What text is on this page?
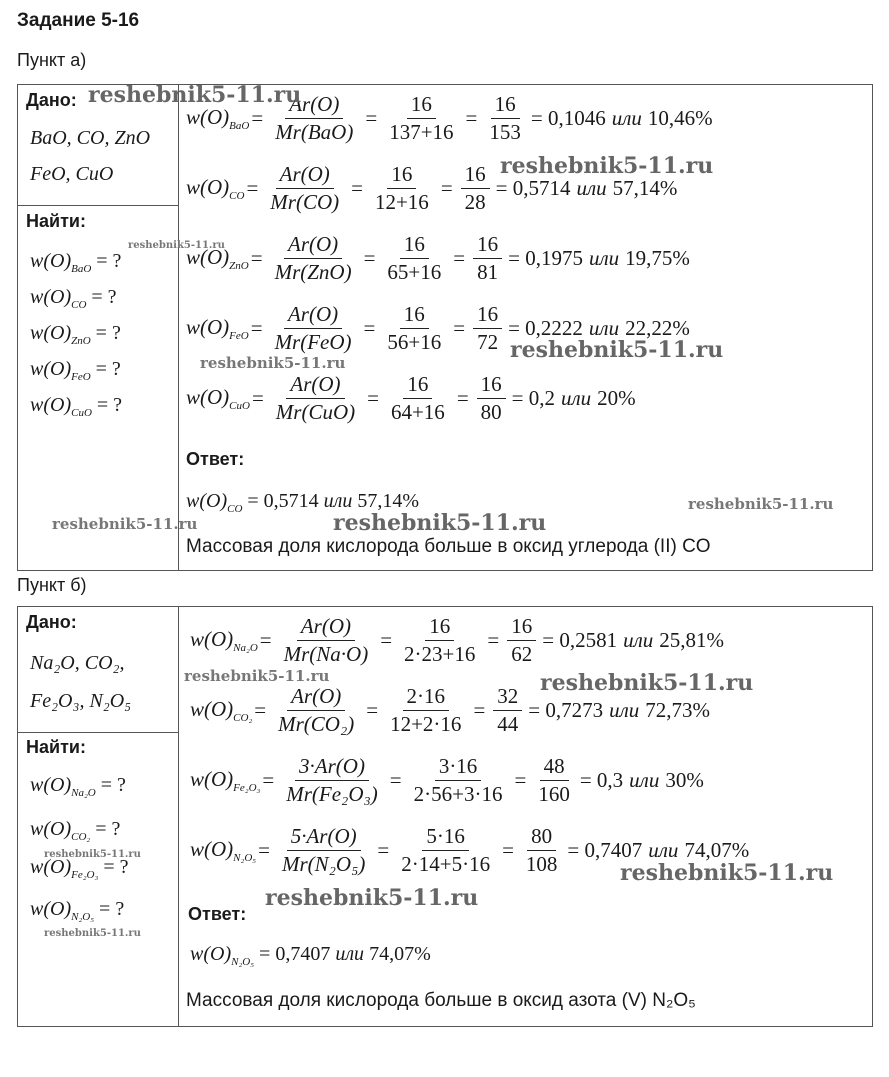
Задание 5-16
Пункт а)
Дано:
BaO, CO, ZnO
FeO, CuO
Найти:
$w(O)_{BaO}$ = ?
$w(O)_{CO}$ = ?
$w(O)_{ZnO}$ = ?
$w(O)_{FeO}$ = ?
$w(O)_{CuO}$ = ?
$w(O)_{BaO} = \frac{Ar(O)}{\text{Mr(BaO)}} = \frac{16}{137+16} = \frac{16}{153} = 0,1046$ или 10,46%
$w(O)_{CO} = \frac{Ar(O)}{Mr(CO)} = \frac{16}{12+16} = \frac{16}{28} = 0,5714$ или 57,14%
$w(O)_{ZnO} = \frac{Ar(O)}{\text{Mr(ZnO)}} = \frac{16}{65+16} = \frac{16}{81} = 0,1975$ или 19,75%
$w(O)_{FeO} = \frac{Ar(O)}{\text{Mr(FeO)}} = \frac{16}{56+16} = \frac{16}{72} = 0,2222$ или 22,22%
$w(O)_{CuO} = \frac{Ar(O)}{\text{Mr(CuO)}} = \frac{16}{64+16} = \frac{16}{80} = 0,2$ или 20%
Ответ:
$w(O)_{CO} = 0,5714$ или 57,14%
Массовая доля кислорода больше в оксид углерода (II) CO
Пункт б)
Дано:
Na₂O, CO₂,
Fe₂O₃, N₂O₅
Найти:
$w(O)_{Na_2O}$ = ?
$w(O)_{CO_2}$ = ?
$w(O)_{Fe_2O_3}$ = ?
$w(O)_{N_2O_5}$ = ?
$w(O)_{Na_2O} = \frac{Ar(O)}{Mr(Na\cdot O)} = \frac{16}{2\cdot 23+16} = \frac{16}{62} = 0,2581$ или 25,81%
$w(O)_{CO_2} = \frac{Ar(O)}{\text{Mr(CO₂)}} = \frac{2\cdot 16}{12+2\cdot 16} = \frac{32}{44} = 0,7273$ или 72,73%
$w(O)_{Fe_2O_3} = \frac{3\cdot Ar(O)}{\text{Mr(Fe₂O₃)}} = \frac{3\cdot 16}{2\cdot 56+3\cdot 16} = \frac{48}{160} = 0,3$ или 30%
$w(O)_{N_2O_5} = \frac{5\cdot Ar(O)}{\text{Mr(N₂O₅)}} = \frac{5\cdot 16}{2\cdot 14+5\cdot 16} = \frac{80}{108} = 0,7407$ или 74,07%
Ответ:
$w(O)_{N_2O_5} = 0,7407$ или 74,07%
Массовая доля кислорода больше в оксид азота (V) N₂O₅
reshebnik5-11.ru
reshebnik5-11.ru
reshebnik5-11.ru
reshebnik5-11.ru
reshebnik5-11.ru
reshebnik5-11.ru
reshebnik5-11.ru	reshebnik5-11.ru
reshebnik5-11.ru	reshebnik5-11.ru
reshebnik5-11.ru
reshebnik5-11.ru
reshebnik5-11.ru
reshebnik5-11.ru
